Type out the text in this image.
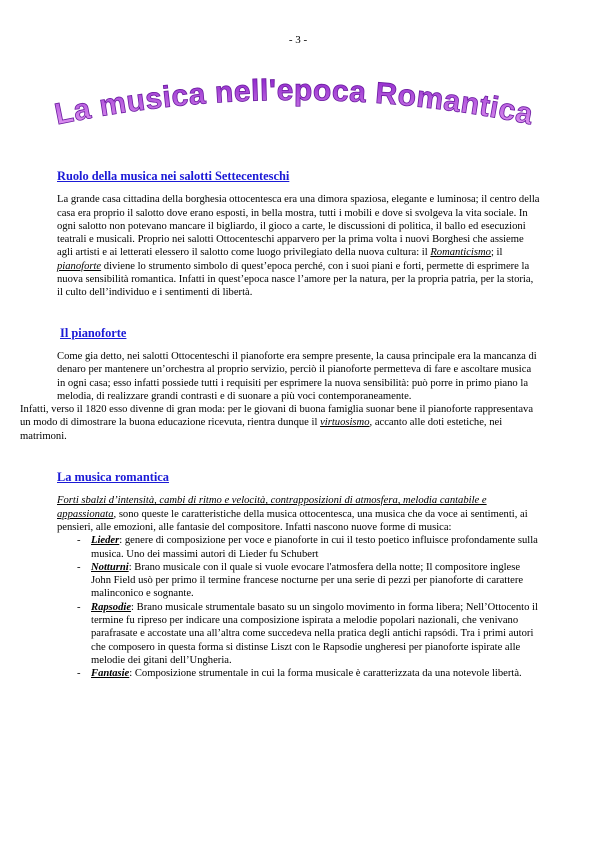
- 3 -
La musica nell'epoca Romantica
Ruolo della musica nei salotti Settecenteschi

La grande casa cittadina della borghesia ottocentesca era una dimora spaziosa, elegante e luminosa; il centro della casa era proprio il salotto dove erano esposti, in bella mostra, tutti i mobili e dove si svolgeva la vita sociale. In ogni salotto non potevano mancare il bigliardo, il gioco a carte, le discussioni di politica, il ballo ed esecuzioni teatrali e musicali. Proprio nei salotti Ottocenteschi apparvero per la prima volta i nuovi Borghesi che assieme agli artisti e ai letterati elessero il salotto come luogo privilegiato della nuova cultura: il Romanticismo; il pianoforte diviene lo strumento simbolo di quest’epoca perché, con i suoi piani e forti, permette di esprimere la nuova sensibilità romantica. Infatti in quest’epoca nasce l’amore per la natura, per la propria patria, per la storia, il culto dell’individuo e i sentimenti di libertà.

Il pianoforte

Come gia detto, nei salotti Ottocenteschi il pianoforte era sempre presente, la causa principale era la mancanza di denaro per mantenere un’orchestra al proprio servizio, perciò il pianoforte permetteva di fare e ascoltare musica in ogni casa; esso infatti possiede tutti i requisiti per esprimere la nuova sensibilità: può porre in primo piano la melodia, di realizzare grandi contrasti e di suonare a più voci contemporaneamente.

Infatti, verso il 1820 esso divenne di gran moda: per le giovani di buona famiglia suonar bene il pianoforte rappresentava un modo di dimostrare la buona educazione ricevuta, rientra dunque il virtuosismo, accanto alle doti estetiche, nei matrimoni.

La musica romantica

Forti sbalzi d’intensità, cambi di ritmo e velocità, contrapposizioni di atmosfera, melodia cantabile e appassionata, sono queste le caratteristiche della musica ottocentesca, una musica che da voce ai sentimenti, ai pensieri, alle emozioni, alle fantasie del compositore. Infatti nascono nuove forme di musica:

- Lieder: genere di composizione per voce e pianoforte in cui il testo poetico influisce profondamente sulla musica. Uno dei massimi autori di Lieder fu Schubert
- Notturni: Brano musicale con il quale si vuole evocare l'atmosfera della notte; Il compositore inglese John Field usò per primo il termine francese nocturne per una serie di pezzi per pianoforte di carattere malinconico e sognante.
- Rapsodie: Brano musicale strumentale basato su un singolo movimento in forma libera; Nell’Ottocento il termine fu ripreso per indicare una composizione ispirata a melodie popolari nazionali, che venivano parafrasate e accostate una all’altra come succedeva nella pratica degli antichi rapsódi. Tra i primi autori che composero in questa forma si distinse Liszt con le Rapsodie ungheresi per pianoforte ispirate alle melodie dei gitani dell’Ungheria.
- Fantasie: Composizione strumentale in cui la forma musicale è caratterizzata da una notevole libertà.
